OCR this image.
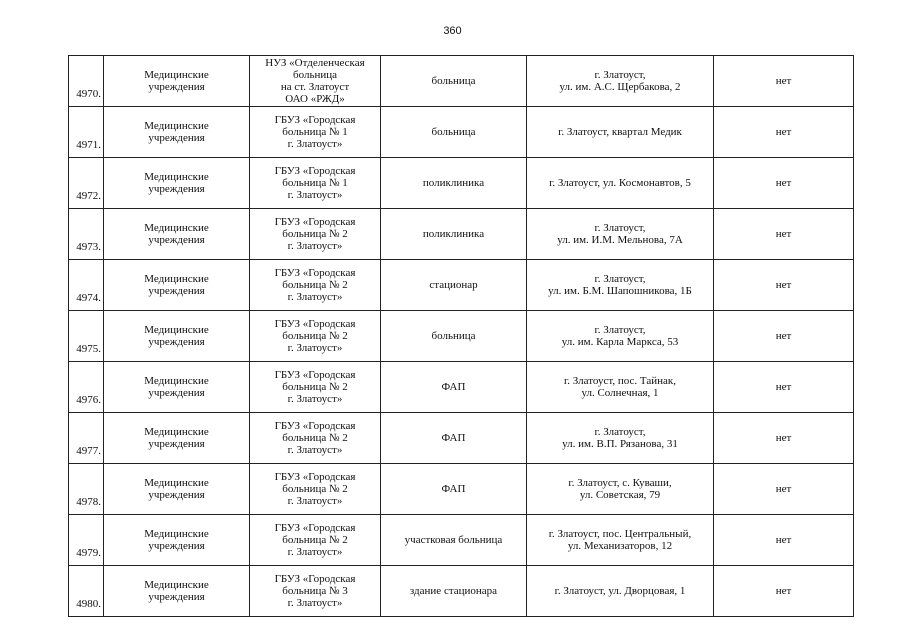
360
4970.	Медицинские
учреждения	НУЗ «Отделенческая
больница
на ст. Златоуст
ОАО «РЖД»	больница	г. Златоуст,
ул. им. А.С. Щербакова, 2	нет
4971.	Медицинские
учреждения	ГБУЗ «Городская
больница № 1
г. Златоуст»	больница	г. Златоуст, квартал Медик	нет
4972.	Медицинские
учреждения	ГБУЗ «Городская
больница № 1
г. Златоуст»	поликлиника	г. Златоуст, ул. Космонавтов, 5	нет
4973.	Медицинские
учреждения	ГБУЗ «Городская
больница № 2
г. Златоуст»	поликлиника	г. Златоуст,
ул. им. И.М. Мельнова, 7А	нет
4974.	Медицинские
учреждения	ГБУЗ «Городская
больница № 2
г. Златоуст»	стационар	г. Златоуст,
ул. им. Б.М. Шапошникова, 1Б	нет
4975.	Медицинские
учреждения	ГБУЗ «Городская
больница № 2
г. Златоуст»	больница	г. Златоуст,
ул. им. Карла Маркса, 53	нет
4976.	Медицинские
учреждения	ГБУЗ «Городская
больница № 2
г. Златоуст»	ФАП	г. Златоуст, пос. Тайнак,
ул. Солнечная, 1	нет
4977.	Медицинские
учреждения	ГБУЗ «Городская
больница № 2
г. Златоуст»	ФАП	г. Златоуст,
ул. им. В.П. Рязанова, 31	нет
4978.	Медицинские
учреждения	ГБУЗ «Городская
больница № 2
г. Златоуст»	ФАП	г. Златоуст, с. Куваши,
ул. Советская, 79	нет
4979.	Медицинские
учреждения	ГБУЗ «Городская
больница № 2
г. Златоуст»	участковая больница	г. Златоуст, пос. Центральный,
ул. Механизаторов, 12	нет
4980.	Медицинские
учреждения	ГБУЗ «Городская
больница № 3
г. Златоуст»	здание стационара	г. Златоуст, ул. Дворцовая, 1	нет
